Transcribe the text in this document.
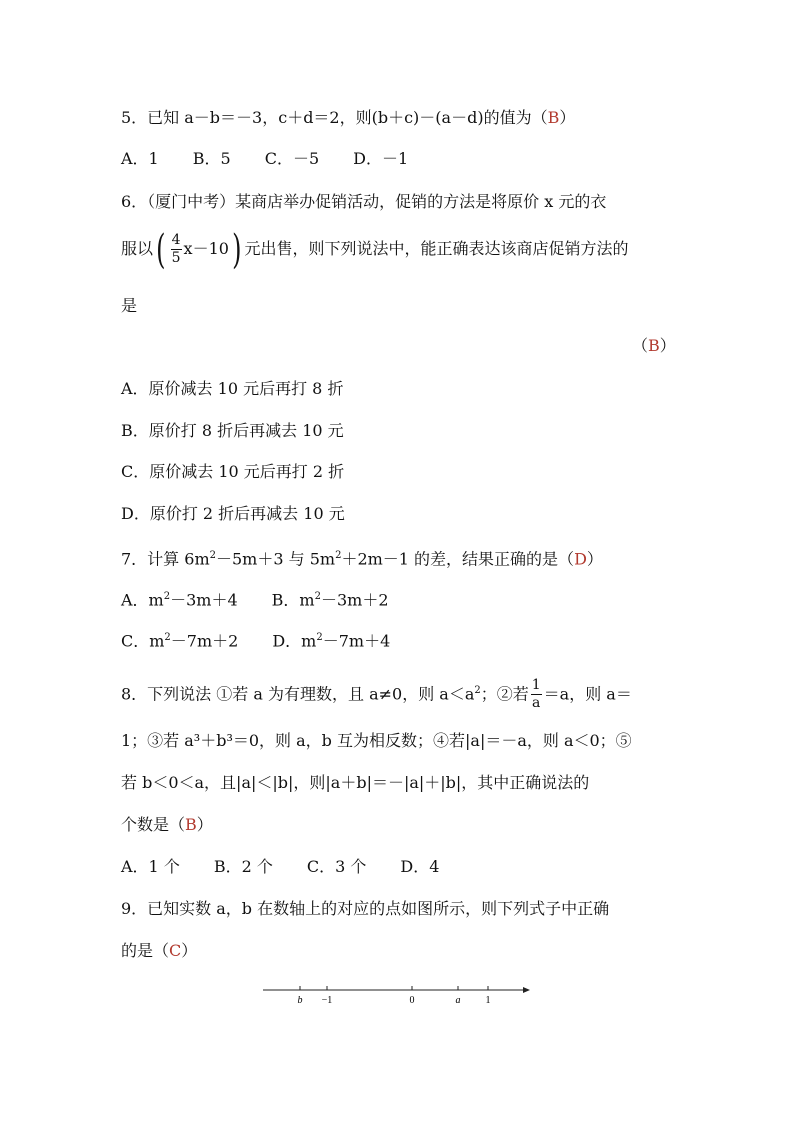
5．已知 a－b＝－3，c＋d＝2，则(b＋c)－(a－d)的值为（B）
A．1 B．5 C．－5 D．－1
6．（厦门中考）某商店举办促销活动，促销的方法是将原价 x 元的衣
服以( $\frac{4}{5} x-10$) 元出售，则下列说法中，能正确表达该商店促销方法的
是
（B）
A．原价减去 10 元后再打 8 折
B．原价打 8 折后再减去 10 元
C．原价减去 10 元后再打 2 折
D．原价打 2 折后再减去 10 元
7．计算 $6m^2-5m+3$ 与 $5m^2+2m-1$ 的差，结果正确的是（D）
A．$m^2-3m+4$ B．$m^2-3m+2$
C．$m^2-7m+2$ D．$m^2-7m+4$
8．下列说法 ①若 a 为有理数，且 a≠0，则 $a<a^2$；②若 $\frac{1}{a} =a$，则 a＝
1；③若 a³＋b³＝0，则 a，b 互为相反数；④若|a|＝－a，则 a＜0；⑤
若 b＜0＜a，且|a|＜|b|，则|a＋b|＝－|a|＋|b|，其中正确说法的
个数是（B）
A．1 个 B．2 个 C．3 个 D．4
9．已知实数 a，b 在数轴上的对应的点如图所示，则下列式子中正确
的是（C）
b −1	0	a	1
